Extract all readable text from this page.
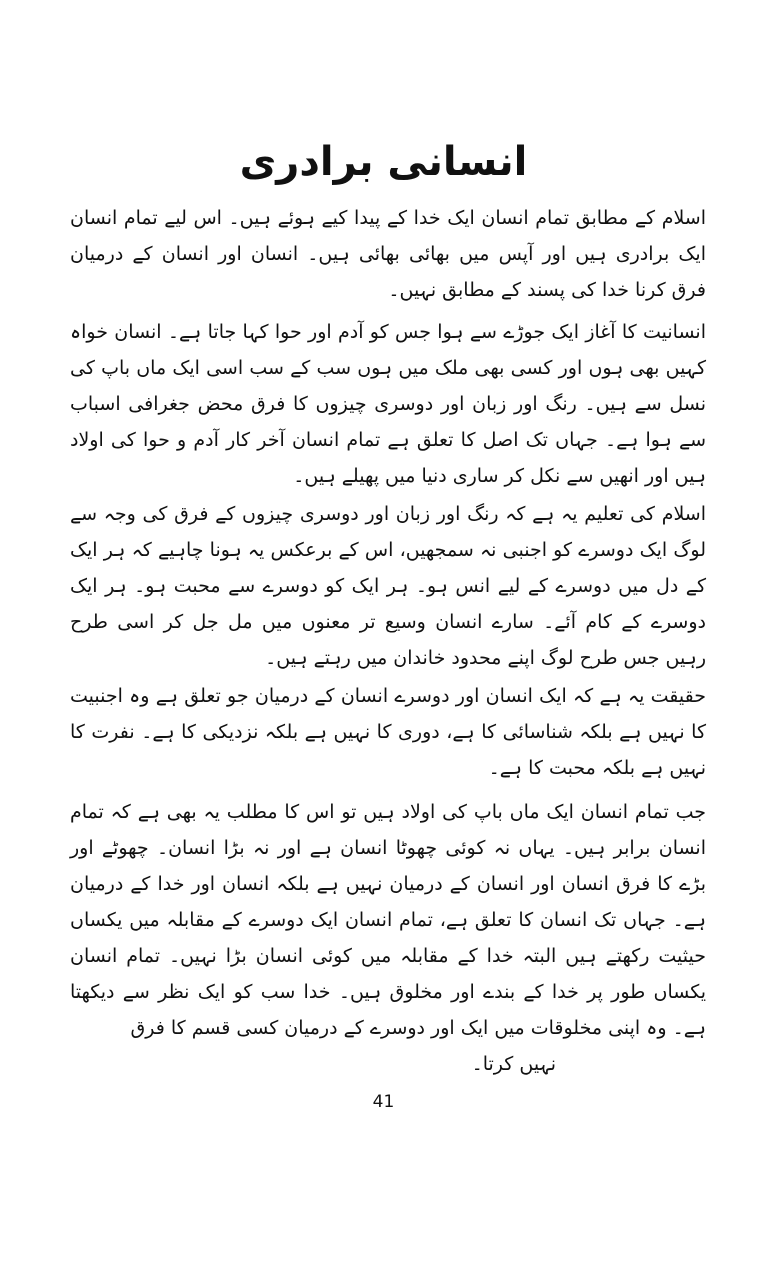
انسانی برادری

اسلام کے مطابق تمام انسان ایک خدا کے پیدا کیے ہوئے ہیں۔ اس لیے تمام انسان ایک برادری ہیں اور آپس میں بھائی بھائی ہیں۔ انسان اور انسان کے درمیان فرق کرنا خدا کی پسند کے مطابق نہیں۔

انسانیت کا آغاز ایک جوڑے سے ہوا جس کو آدم اور حوا کہا جاتا ہے۔ انسان خواہ کہیں بھی ہوں اور کسی بھی ملک میں ہوں سب کے سب اسی ایک ماں باپ کی نسل سے ہیں۔ رنگ اور زبان اور دوسری چیزوں کا فرق محض جغرافی اسباب سے ہوا ہے۔ جہاں تک اصل کا تعلق ہے تمام انسان آخر کار آدم و حوا کی اولاد ہیں اور انھیں سے نکل کر ساری دنیا میں پھیلے ہیں۔

اسلام کی تعلیم یہ ہے کہ رنگ اور زبان اور دوسری چیزوں کے فرق کی وجہ سے لوگ ایک دوسرے کو اجنبی نہ سمجھیں، اس کے برعکس یہ ہونا چاہیے کہ ہر ایک کے دل میں دوسرے کے لیے انس ہو۔ ہر ایک کو دوسرے سے محبت ہو۔ ہر ایک دوسرے کے کام آئے۔ سارے انسان وسیع تر معنوں میں مل جل کر اسی طرح رہیں جس طرح لوگ اپنے محدود خاندان میں رہتے ہیں۔

حقیقت یہ ہے کہ ایک انسان اور دوسرے انسان کے درمیان جو تعلق ہے وہ اجنبیت کا نہیں ہے بلکہ شناسائی کا ہے، دوری کا نہیں ہے بلکہ نزدیکی کا ہے۔ نفرت کا نہیں ہے بلکہ محبت کا ہے۔

جب تمام انسان ایک ماں باپ کی اولاد ہیں تو اس کا مطلب یہ بھی ہے کہ تمام انسان برابر ہیں۔ یہاں نہ کوئی چھوٹا انسان ہے اور نہ بڑا انسان۔ چھوٹے اور بڑے کا فرق انسان اور انسان کے درمیان نہیں ہے بلکہ انسان اور خدا کے درمیان ہے۔ جہاں تک انسان کا تعلق ہے، تمام انسان ایک دوسرے کے مقابلہ میں یکساں حیثیت رکھتے ہیں البتہ خدا کے مقابلہ میں کوئی انسان بڑا نہیں۔ تمام انسان یکساں طور پر خدا کے بندے اور مخلوق ہیں۔ خدا سب کو ایک نظر سے دیکھتا ہے۔ وہ اپنی مخلوقات میں ایک اور دوسرے کے درمیان کسی قسم کا فرق

نہیں کرتا۔

41
